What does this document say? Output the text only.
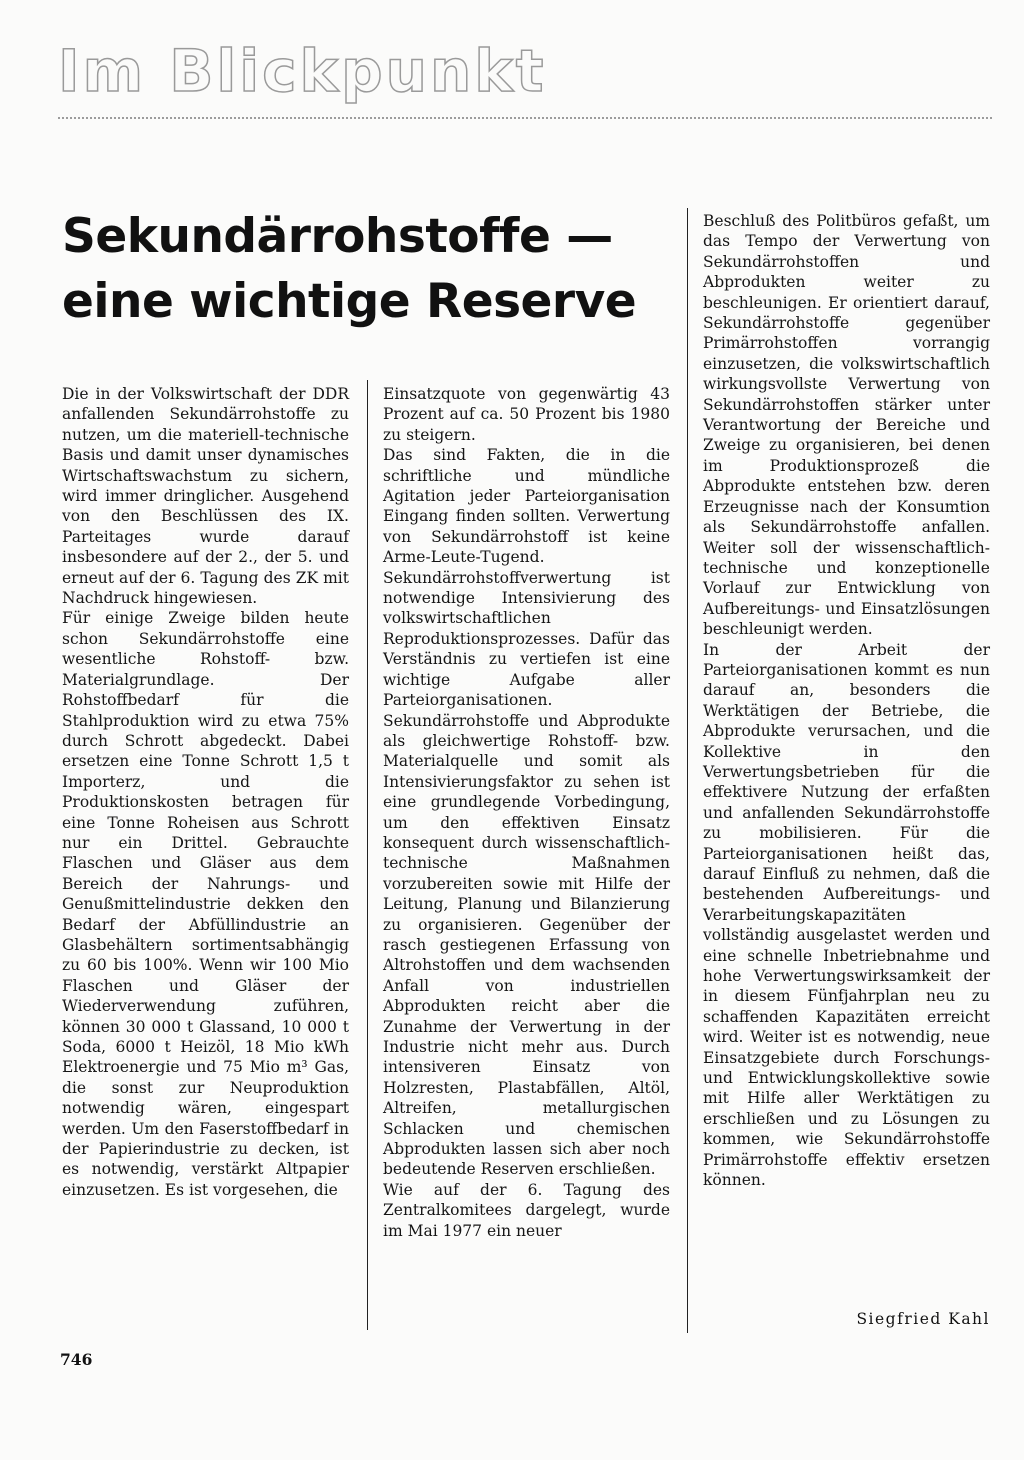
Im Blickpunkt
Sekundärrohstoffe —
eine wichtige Reserve

Die in der Volkswirtschaft der DDR anfallenden Sekundärrohstoffe zu nutzen, um die materiell-technische Basis und damit unser dynamisches Wirtschaftswachstum zu sichern, wird immer dringlicher. Ausgehend von den Beschlüssen des IX. Parteitages wurde darauf insbesondere auf der 2., der 5. und erneut auf der 6. Tagung des ZK mit Nachdruck hingewiesen.

Für einige Zweige bilden heute schon Sekundärrohstoffe eine wesentliche Rohstoff- bzw. Materialgrundlage. Der Rohstoffbedarf für die Stahlproduktion wird zu etwa 75% durch Schrott abgedeckt. Dabei ersetzen eine Tonne Schrott 1,5 t Importerz, und die Produktionskosten betragen für eine Tonne Roheisen aus Schrott nur ein Drittel. Gebrauchte Flaschen und Gläser aus dem Bereich der Nahrungs- und Genußmittelindustrie dekken den Bedarf der Abfüllindustrie an Glasbehältern sortimentsabhängig zu 60 bis 100%. Wenn wir 100 Mio Flaschen und Gläser der Wiederverwendung zuführen, können 30 000 t Glassand, 10 000 t Soda, 6000 t Heizöl, 18 Mio kWh Elektroenergie und 75 Mio m³ Gas, die sonst zur Neuproduktion notwendig wären, eingespart werden. Um den Faserstoffbedarf in der Papierindustrie zu decken, ist es notwendig, verstärkt Altpapier einzusetzen. Es ist vorgesehen, die

Einsatzquote von gegenwärtig 43 Prozent auf ca. 50 Prozent bis 1980 zu steigern.

Das sind Fakten, die in die schriftliche und mündliche Agitation jeder Parteiorganisation Eingang finden sollten. Verwertung von Sekundärrohstoff ist keine Arme-Leute-Tugend. Sekundärrohstoffverwertung ist notwendige Intensivierung des volkswirtschaftlichen Reproduktionsprozesses. Dafür das Verständnis zu vertiefen ist eine wichtige Aufgabe aller Parteiorganisationen. Sekundärrohstoffe und Abprodukte als gleichwertige Rohstoff- bzw. Materialquelle und somit als Intensivierungsfaktor zu sehen ist eine grundlegende Vorbedingung, um den effektiven Einsatz konsequent durch wissenschaftlich-technische Maßnahmen vorzubereiten sowie mit Hilfe der Leitung, Planung und Bilanzierung zu organisieren. Gegenüber der rasch gestiegenen Erfassung von Altrohstoffen und dem wachsenden Anfall von industriellen Abprodukten reicht aber die Zunahme der Verwertung in der Industrie nicht mehr aus. Durch intensiveren Einsatz von Holzresten, Plastabfällen, Altöl, Altreifen, metallurgischen Schlacken und chemischen Abprodukten lassen sich aber noch bedeutende Reserven erschließen.

Wie auf der 6. Tagung des Zentralkomitees dargelegt, wurde im Mai 1977 ein neuer

Beschluß des Politbüros gefaßt, um das Tempo der Verwertung von Sekundärrohstoffen und Abprodukten weiter zu beschleunigen. Er orientiert darauf, Sekundärrohstoffe gegenüber Primärrohstoffen vorrangig einzusetzen, die volkswirtschaftlich wirkungsvollste Verwertung von Sekundärrohstoffen stärker unter Verantwortung der Bereiche und Zweige zu organisieren, bei denen im Produktionsprozeß die Abprodukte entstehen bzw. deren Erzeugnisse nach der Konsumtion als Sekundärrohstoffe anfallen. Weiter soll der wissenschaftlich-technische und konzeptionelle Vorlauf zur Entwicklung von Aufbereitungs- und Einsatzlösungen beschleunigt werden.

In der Arbeit der Parteiorganisationen kommt es nun darauf an, besonders die Werktätigen der Betriebe, die Abprodukte verursachen, und die Kollektive in den Verwertungsbetrieben für die effektivere Nutzung der erfaßten und anfallenden Sekundärrohstoffe zu mobilisieren. Für die Parteiorganisationen heißt das, darauf Einfluß zu nehmen, daß die bestehenden Aufbereitungs- und Verarbeitungskapazitäten vollständig ausgelastet werden und eine schnelle Inbetriebnahme und hohe Verwertungswirksamkeit der in diesem Fünfjahrplan neu zu schaffenden Kapazitäten erreicht wird. Weiter ist es notwendig, neue Einsatzgebiete durch Forschungs- und Entwicklungskollektive sowie mit Hilfe aller Werktätigen zu erschließen und zu Lösungen zu kommen, wie Sekundärrohstoffe Primärrohstoffe effektiv ersetzen können.

Siegfried Kahl
746
